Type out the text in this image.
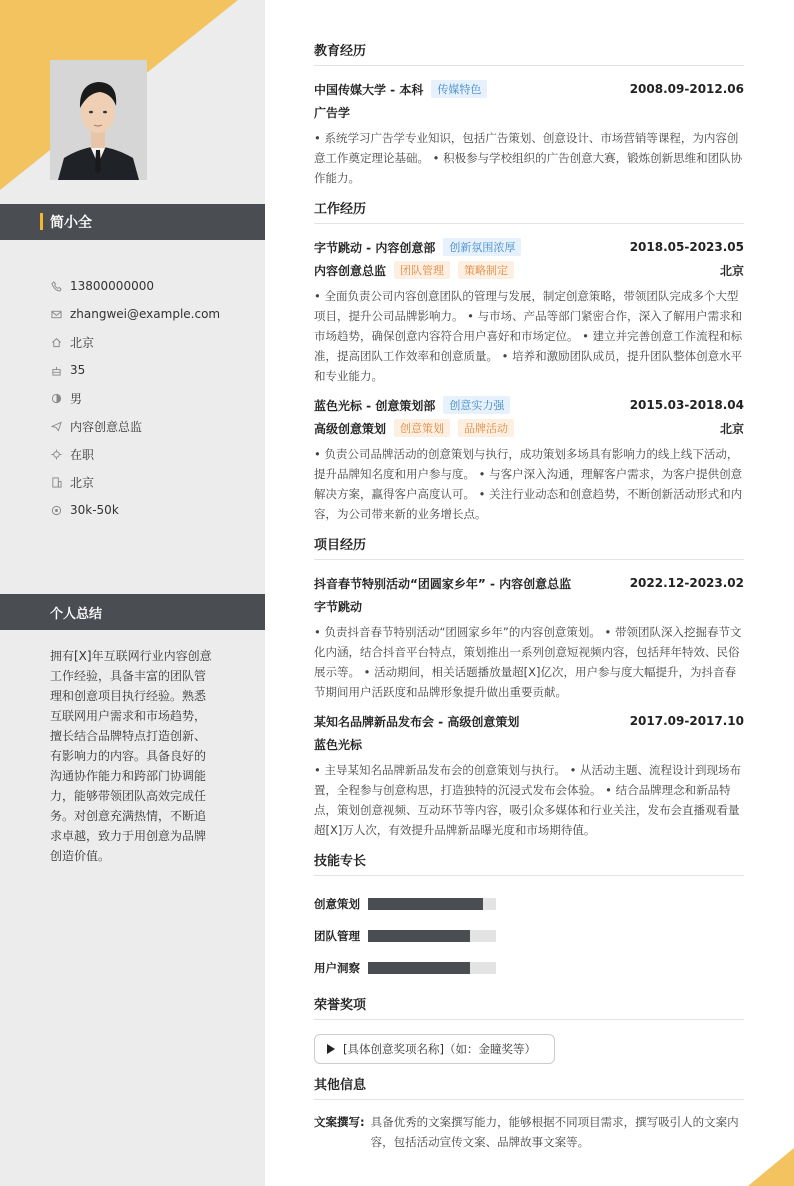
简小全
13800000000
zhangwei@example.com
北京
35
男
内容创意总监
在职
北京
30k-50k
个人总结
拥有[X]年互联网行业内容创意工作经验，具备丰富的团队管理和创意项目执行经验。熟悉互联网用户需求和市场趋势，擅长结合品牌特点打造创新、有影响力的内容。具备良好的沟通协作能力和跨部门协调能力，能够带领团队高效完成任务。对创意充满热情，不断追求卓越，致力于用创意为品牌创造价值。
教育经历
中国传媒大学 - 本科	传媒特色	2008.09-2012.06
广告学
• 系统学习广告学专业知识，包括广告策划、创意设计、市场营销等课程，为内容创意工作奠定理论基础。 • 积极参与学校组织的广告创意大赛，锻炼创新思维和团队协作能力。
工作经历
字节跳动 - 内容创意部	创新氛围浓厚	2018.05-2023.05
内容创意总监	团队管理	策略制定	北京
• 全面负责公司内容创意团队的管理与发展，制定创意策略，带领团队完成多个大型项目，提升公司品牌影响力。 • 与市场、产品等部门紧密合作，深入了解用户需求和市场趋势，确保创意内容符合用户喜好和市场定位。 • 建立并完善创意工作流程和标准，提高团队工作效率和创意质量。 • 培养和激励团队成员，提升团队整体创意水平和专业能力。
蓝色光标 - 创意策划部	创意实力强	2015.03-2018.04
高级创意策划	创意策划	品牌活动	北京
• 负责公司品牌活动的创意策划与执行，成功策划多场具有影响力的线上线下活动，提升品牌知名度和用户参与度。 • 与客户深入沟通，理解客户需求，为客户提供创意解决方案，赢得客户高度认可。 • 关注行业动态和创意趋势，不断创新活动形式和内容，为公司带来新的业务增长点。
项目经历
抖音春节特别活动“团圆家乡年” - 内容创意总监	2022.12-2023.02
字节跳动
• 负责抖音春节特别活动“团圆家乡年”的内容创意策划。 • 带领团队深入挖掘春节文化内涵，结合抖音平台特点，策划推出一系列创意短视频内容，包括拜年特效、民俗展示等。 • 活动期间，相关话题播放量超[X]亿次，用户参与度大幅提升，为抖音春节期间用户活跃度和品牌形象提升做出重要贡献。
某知名品牌新品发布会 - 高级创意策划	2017.09-2017.10
蓝色光标
• 主导某知名品牌新品发布会的创意策划与执行。 • 从活动主题、流程设计到现场布置，全程参与创意构思，打造独特的沉浸式发布会体验。 • 结合品牌理念和新品特点，策划创意视频、互动环节等内容，吸引众多媒体和行业关注，发布会直播观看量超[X]万人次，有效提升品牌新品曝光度和市场期待值。
技能专长
创意策划
团队管理
用户洞察
荣誉奖项
[具体创意奖项名称]（如：金瞳奖等）
其他信息
文案撰写: 具备优秀的文案撰写能力，能够根据不同项目需求，撰写吸引人的文案内容，包括活动宣传文案、品牌故事文案等。
